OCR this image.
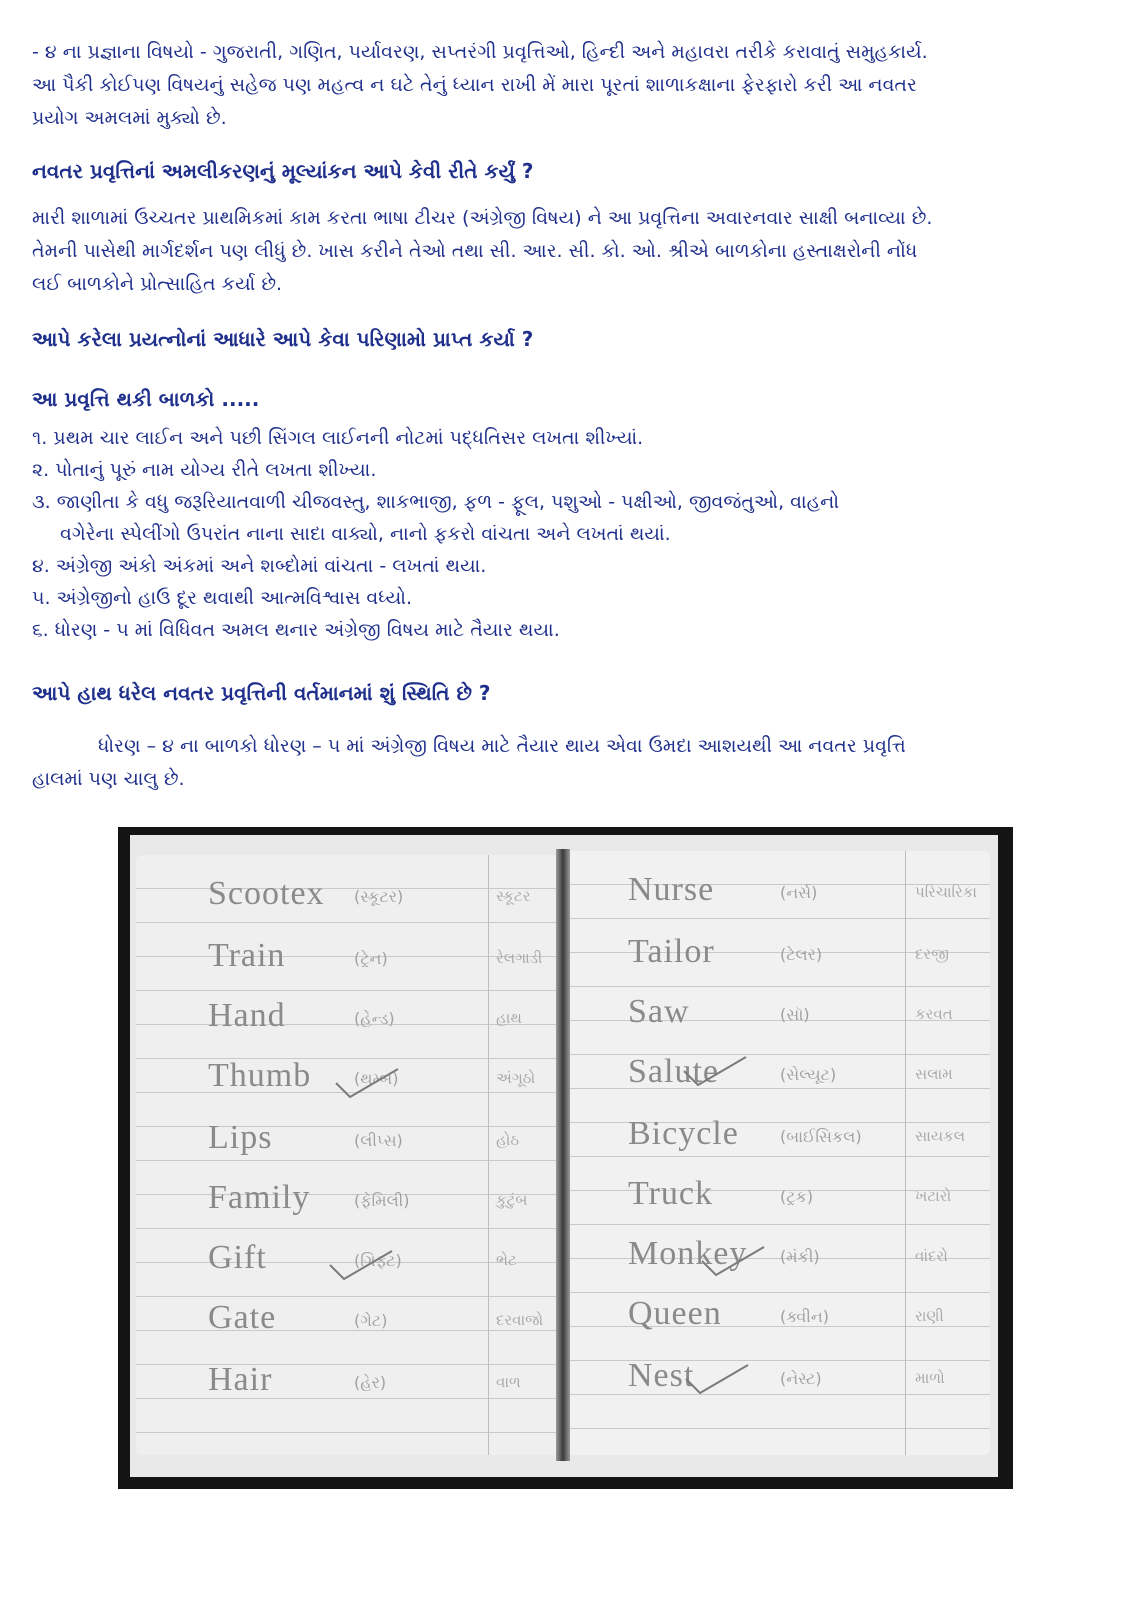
- ૪ ના પ્રજ્ઞાના વિષયો - ગુજરાતી, ગણિત, પર્યાવરણ, સપ્તરંગી પ્રવૃત્તિઓ, હિન્દી અને મહાવરા તરીકે કરાવાતું સમુહકાર્ય.
આ પૈકી કોઈપણ વિષયનું સહેજ પણ મહત્વ ન ઘટે તેનું ધ્યાન રાખી મેં મારા પૂરતાં શાળાકક્ષાના ફેરફારો કરી આ નવતર
પ્રયોગ અમલમાં મુક્યો છે.

નવતર પ્રવૃત્તિનાં અમલીકરણનું મૂલ્યાંકન આપે કેવી રીતે કર્યું ?

મારી શાળામાં ઉચ્ચતર પ્રાથમિકમાં કામ કરતા ભાષા ટીચર (અંગ્રેજી વિષય) ને આ પ્રવૃત્તિના અવારનવાર સાક્ષી બનાવ્યા છે.
તેમની પાસેથી માર્ગદર્શન પણ લીધું છે. ખાસ કરીને તેઓ તથા સી. આર. સી. કો. ઓ. શ્રીએ બાળકોના હસ્તાક્ષરોની નોંધ
લઈ બાળકોને પ્રોત્સાહિત કર્યા છે.

આપે કરેલા પ્રયત્નોનાં આધારે આપે કેવા પરિણામો પ્રાપ્ત કર્યા ?
આ પ્રવૃત્તિ થકી બાળકો .....
૧. પ્રથમ ચાર લાઈન અને પછી સિંગલ લાઈનની નોટમાં પદ્ધતિસર લખતા શીખ્યાં.
૨. પોતાનું પૂરું નામ યોગ્ય રીતે લખતા શીખ્યા.
૩. જાણીતા કે વધુ જરૂરિયાતવાળી ચીજવસ્તુ, શાકભાજી, ફળ - ફૂલ, પશુઓ - પક્ષીઓ, જીવજંતુઓ, વાહનો
વગેરેના સ્પેલીંગો ઉપરાંત નાના સાદા વાક્યો, નાનો ફકરો વાંચતા અને લખતાં થયાં.
૪. અંગ્રેજી અંકો અંકમાં અને શબ્દોમાં વાંચતા - લખતાં થયા.
૫. અંગ્રેજીનો હાઉ દૂર થવાથી આત્મવિશ્વાસ વધ્યો.
૬. ધોરણ - ૫ માં વિધિવત અમલ થનાર અંગ્રેજી વિષય માટે તૈયાર થયા.
આપે હાથ ધરેલ નવતર પ્રવૃત્તિની વર્તમાનમાં શું સ્થિતિ છે ?

ધોરણ – ૪ ના બાળકો ધોરણ – ૫ માં અંગ્રેજી વિષય માટે તૈયાર થાય એવા ઉમદા આશયથી આ નવતર પ્રવૃત્તિ
હાલમાં પણ ચાલુ છે.

Scootex (સ્કૂટર)	સ્કૂટર
Train	(ટ્રેન)	રેલગાડી
Hand	(હેન્ડ)	હાથ
Thumb	(થમ્બ)	અંગૂઠો
Lips	(લીપ્સ)	હોઠ
Family	(ફેમિલી)	કુટુંબ
Gift	(ગિફ્ટ)	ભેટ
Gate	(ગેટ)	દરવાજો
Hair	(હેર)	વાળ
Nurse	(નર્સ)	પરિચારિકા
Tailor	(ટેલર)	દરજી
Saw	(સૉ)	કરવત
Salute	(સેલ્યૂટ)	સલામ
Bicycle	(બાઈસિકલ)	સાયકલ
Truck	(ટ્રક)	ખટારો
Monkey (મંકી)	વાંદરો
Queen	(ક્વીન)	રાણી
Nest	(નેસ્ટ)	માળો
